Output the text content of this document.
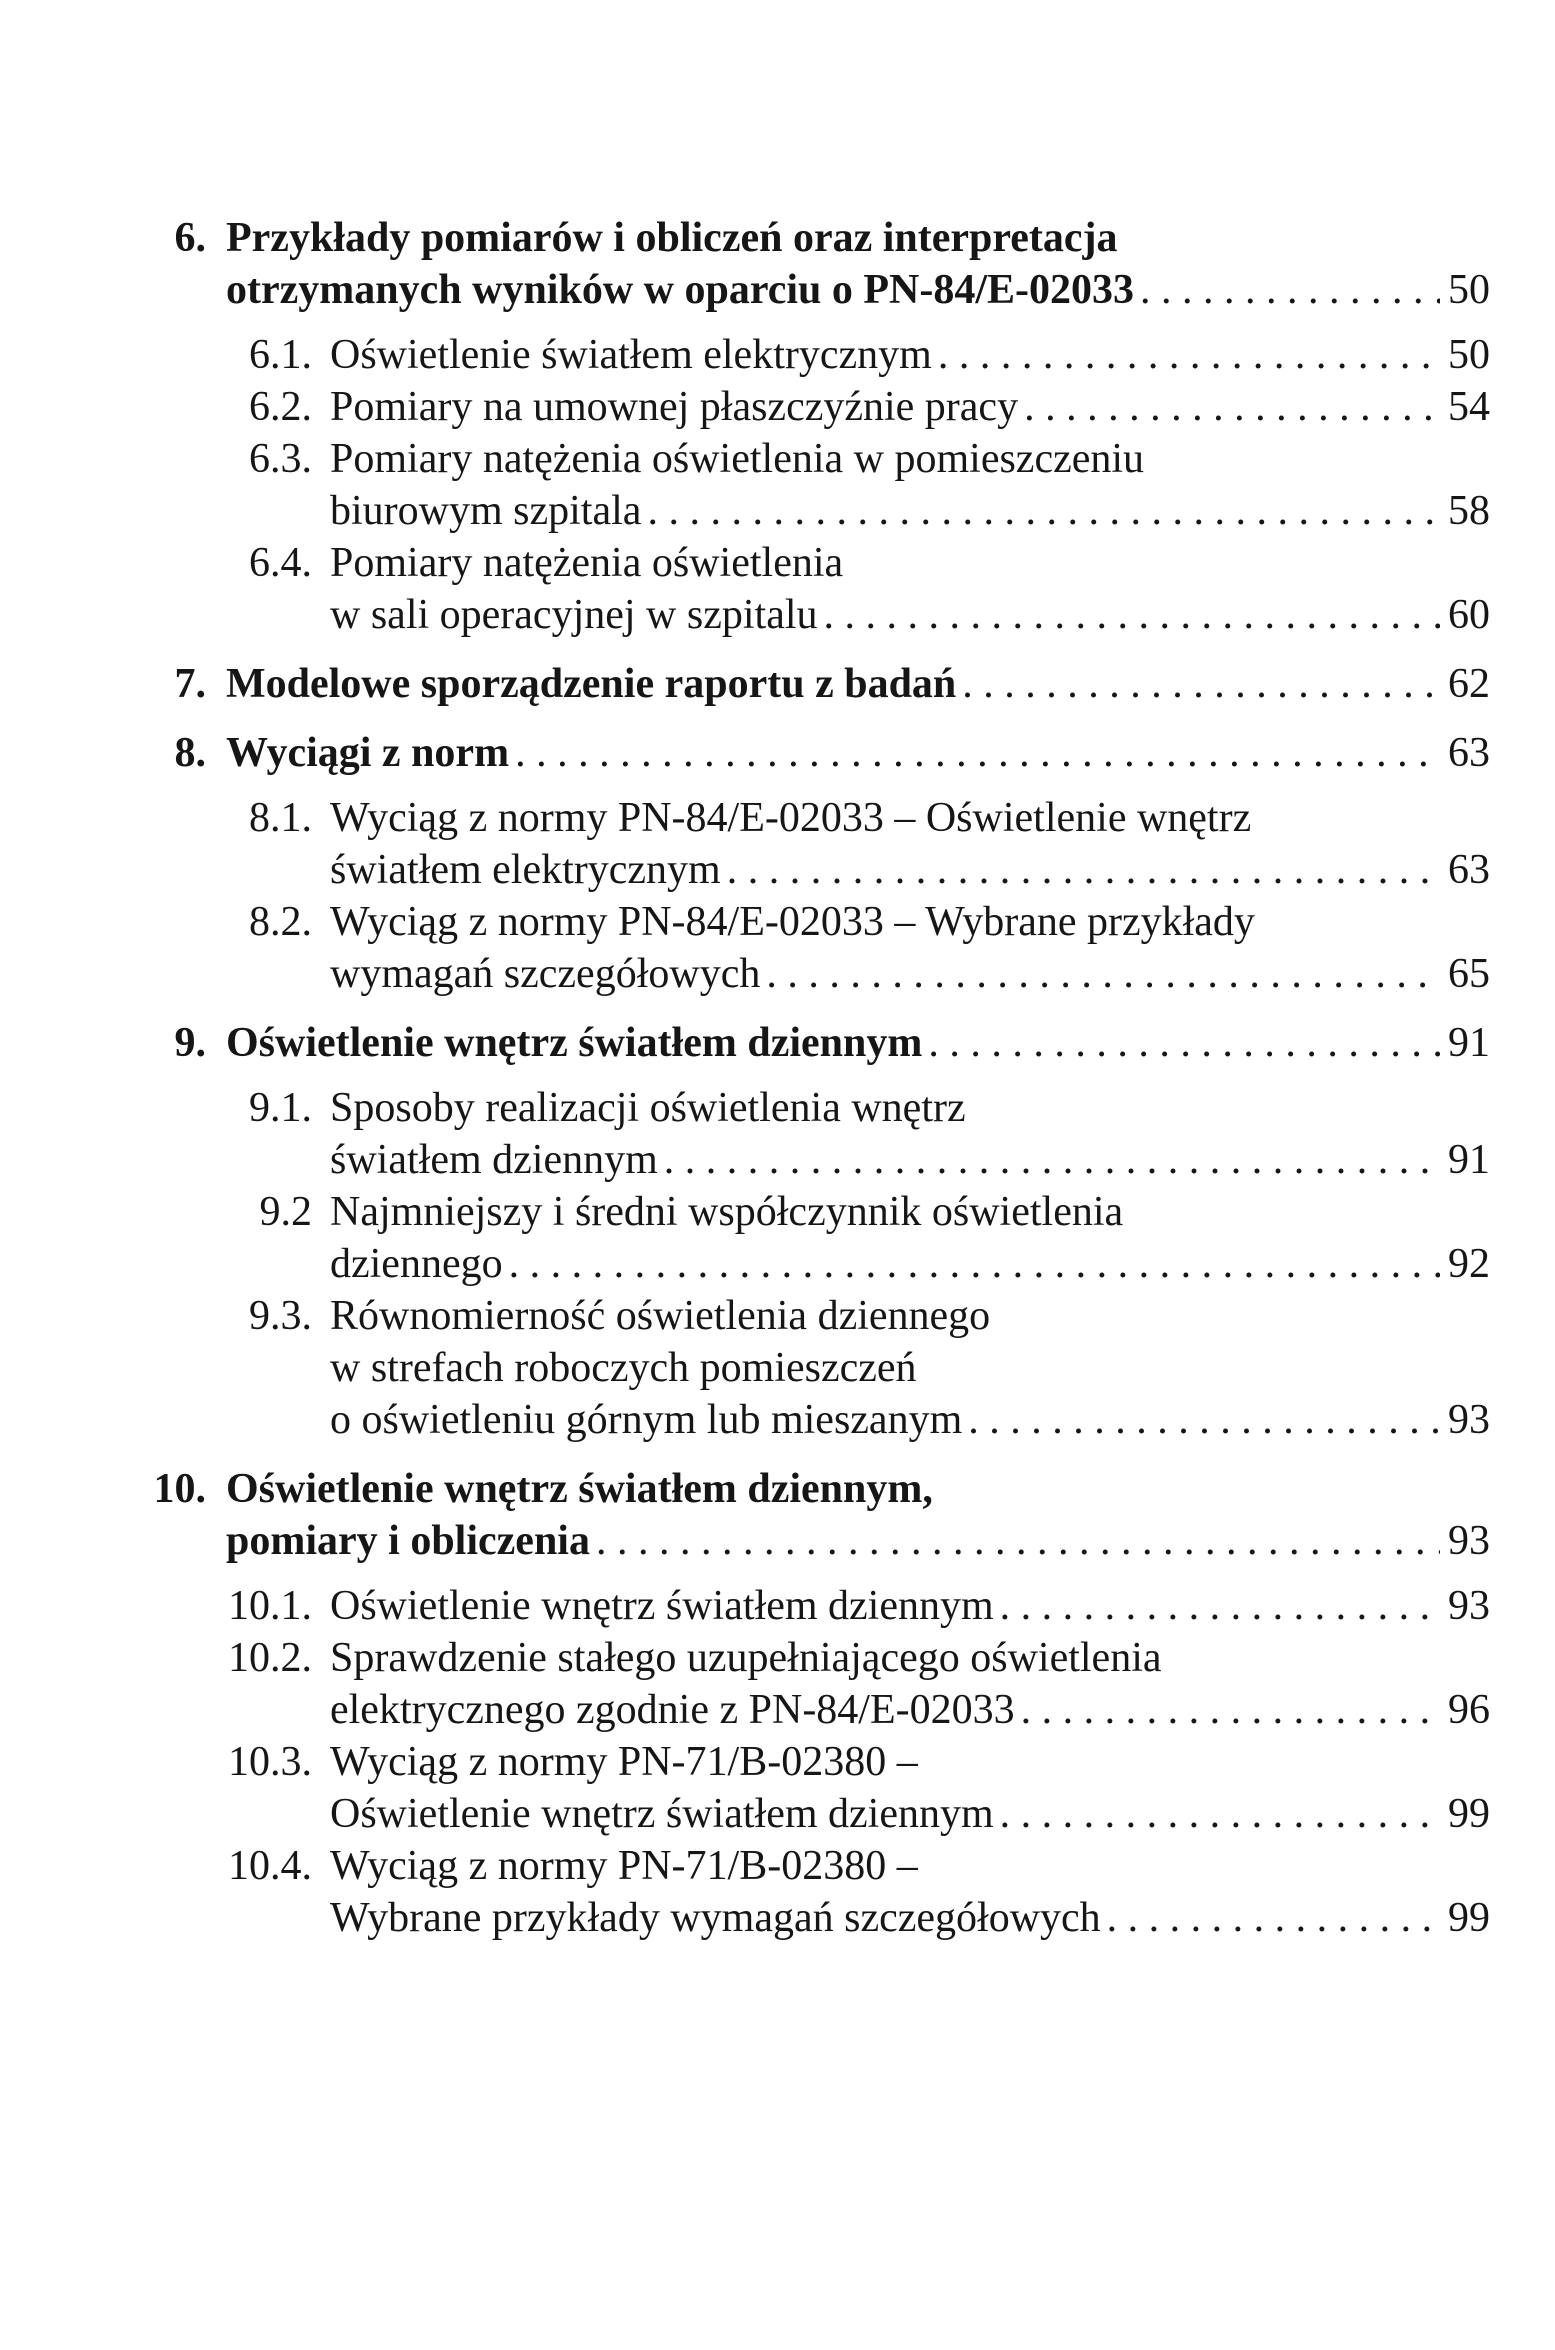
6. Przykłady pomiarów i obliczeń oraz interpretacja
otrzymanych wyników w oparciu o PN-84/E-02033 . . .	50
6.1. Oświetlenie światłem elektrycznym . . .	50
6.2. Pomiary na umownej płaszczyźnie pracy . . .	54
6.3. Pomiary natężenia oświetlenia w pomieszczeniu
biurowym szpitala . . .	58
6.4. Pomiary natężenia oświetlenia
w sali operacyjnej w szpitalu . . .	60
7. Modelowe sporządzenie raportu z badań . . .	62
8. Wyciągi z norm . . .	63
8.1. Wyciąg z normy PN-84/E-02033 – Oświetlenie wnętrz
światłem elektrycznym . . .	63
8.2. Wyciąg z normy PN-84/E-02033 – Wybrane przykłady
wymagań szczegółowych . . .	65
9. Oświetlenie wnętrz światłem dziennym . . .	91
9.1. Sposoby realizacji oświetlenia wnętrz
światłem dziennym . . .	91
9.2 Najmniejszy i średni współczynnik oświetlenia
dziennego . . .	92
9.3. Równomierność oświetlenia dziennego
w strefach roboczych pomieszczeń
o oświetleniu górnym lub mieszanym . . .	93
10. Oświetlenie wnętrz światłem dziennym,
pomiary i obliczenia . . .	93
10.1. Oświetlenie wnętrz światłem dziennym . . .	93
10.2. Sprawdzenie stałego uzupełniającego oświetlenia
elektrycznego zgodnie z PN-84/E-02033 . . .	96
10.3. Wyciąg z normy PN-71/B-02380 –
Oświetlenie wnętrz światłem dziennym . . .	99
10.4. Wyciąg z normy PN-71/B-02380 –
Wybrane przykłady wymagań szczegółowych . . .	99
